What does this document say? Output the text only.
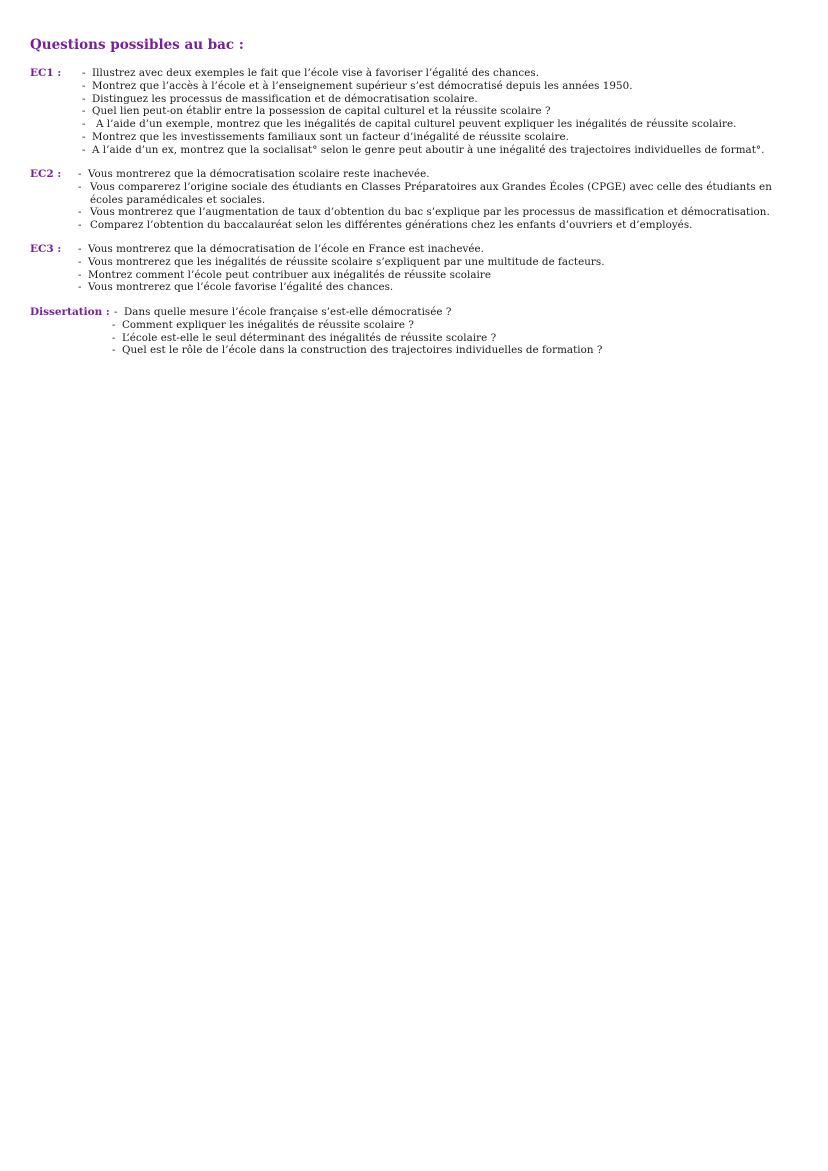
Questions possibles au bac :
EC1 :	- Illustrez avec deux exemples le fait que l’école vise à favoriser l’égalité des chances.
- Montrez que l’accès à l’école et à l’enseignement supérieur s’est démocratisé depuis les années 1950.
- Distinguez les processus de massification et de démocratisation scolaire.
- Quel lien peut-on établir entre la possession de capital culturel et la réussite scolaire ?
- A l’aide d’un exemple, montrez que les inégalités de capital culturel peuvent expliquer les inégalités de réussite scolaire.
- Montrez que les investissements familiaux sont un facteur d’inégalité de réussite scolaire.
- A l’aide d’un ex, montrez que la socialisat° selon le genre peut aboutir à une inégalité des trajectoires individuelles de format°.
EC2 :	- Vous montrerez que la démocratisation scolaire reste inachevée.
- Vous comparerez l’origine sociale des étudiants en Classes Préparatoires aux Grandes Écoles (CPGE) avec celle des étudiants en écoles paramédicales et sociales.
- Vous montrerez que l’augmentation de taux d’obtention du bac s’explique par les processus de massification et démocratisation.
- Comparez l’obtention du baccalauréat selon les différentes générations chez les enfants d’ouvriers et d’employés.
EC3 :	- Vous montrerez que la démocratisation de l’école en France est inachevée.
- Vous montrerez que les inégalités de réussite scolaire s’expliquent par une multitude de facteurs.
- Montrez comment l’école peut contribuer aux inégalités de réussite scolaire
- Vous montrerez que l’école favorise l’égalité des chances.
Dissertation :	- Dans quelle mesure l’école française s’est-elle démocratisée ?
- Comment expliquer les inégalités de réussite scolaire ?
- L’école est-elle le seul déterminant des inégalités de réussite scolaire ?
- Quel est le rôle de l’école dans la construction des trajectoires individuelles de formation ?
